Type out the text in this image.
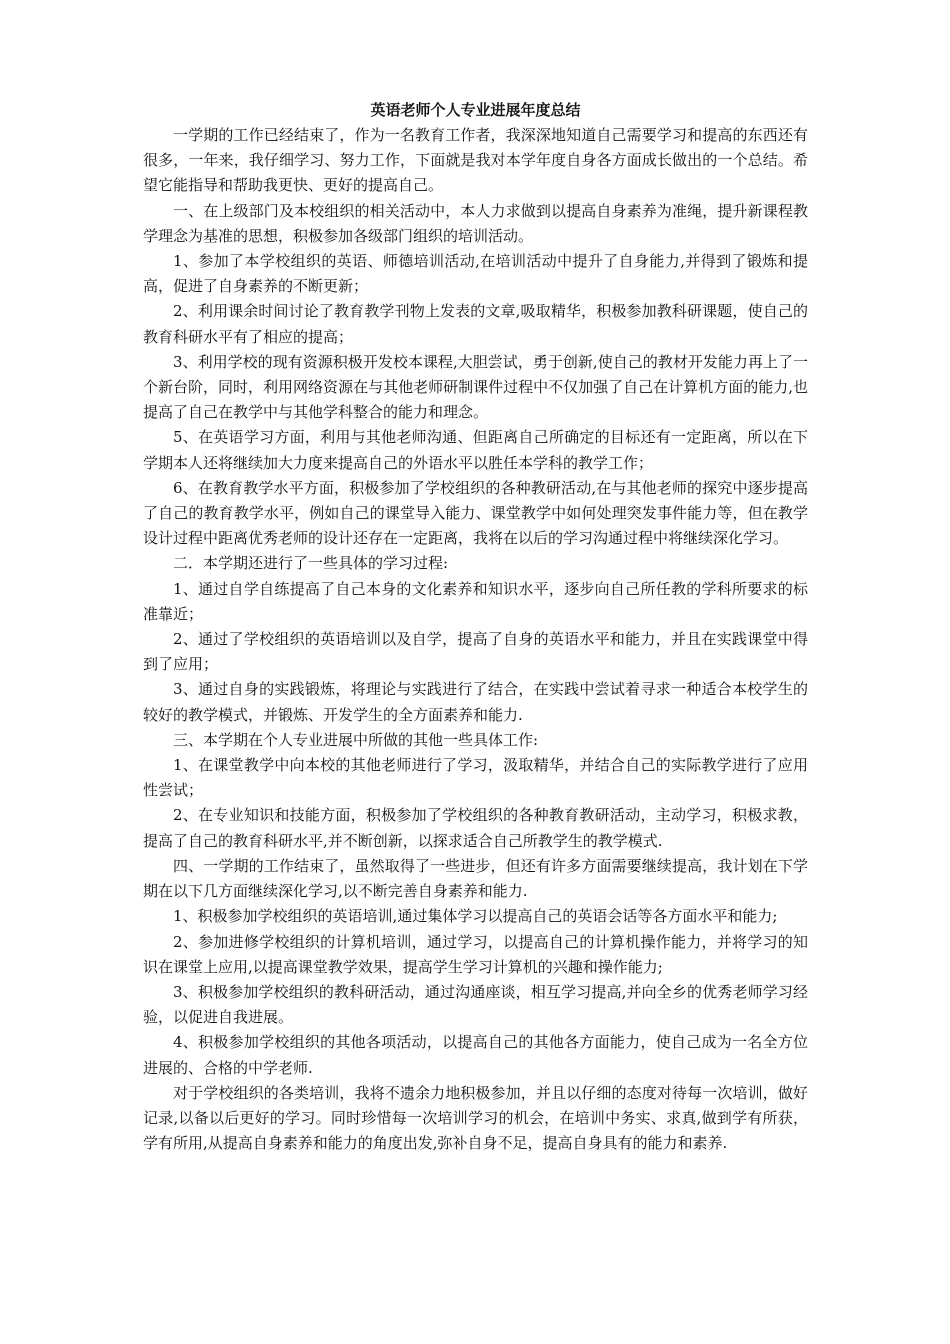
英语老师个人专业进展年度总结

一学期的工作已经结束了，作为一名教育工作者，我深深地知道自己需要学习和提高的东西还有很多，一年来，我仔细学习、努力工作，下面就是我对本学年度自身各方面成长做出的一个总结。希望它能指导和帮助我更快、更好的提高自己。

一、在上级部门及本校组织的相关活动中，本人力求做到以提高自身素养为准绳，提升新课程教学理念为基准的思想，积极参加各级部门组织的培训活动。

1、参加了本学校组织的英语、师德培训活动,在培训活动中提升了自身能力,并得到了锻炼和提高，促进了自身素养的不断更新；

2、利用课余时间讨论了教育教学刊物上发表的文章,吸取精华，积极参加教科研课题，使自己的教育科研水平有了相应的提高；

3、利用学校的现有资源积极开发校本课程,大胆尝试，勇于创新,使自己的教材开发能力再上了一个新台阶，同时，利用网络资源在与其他老师研制课件过程中不仅加强了自己在计算机方面的能力,也提高了自己在教学中与其他学科整合的能力和理念。

5、在英语学习方面，利用与其他老师沟通、但距离自己所确定的目标还有一定距离，所以在下学期本人还将继续加大力度来提高自己的外语水平以胜任本学科的教学工作；

6、在教育教学水平方面，积极参加了学校组织的各种教研活动,在与其他老师的探究中逐步提高了自己的教育教学水平，例如自己的课堂导入能力、课堂教学中如何处理突发事件能力等，但在教学设计过程中距离优秀老师的设计还存在一定距离，我将在以后的学习沟通过程中将继续深化学习。

二．本学期还进行了一些具体的学习过程:

1、通过自学自练提高了自己本身的文化素养和知识水平，逐步向自己所任教的学科所要求的标准靠近；

2、通过了学校组织的英语培训以及自学，提高了自身的英语水平和能力，并且在实践课堂中得到了应用；

3、通过自身的实践锻炼，将理论与实践进行了结合，在实践中尝试着寻求一种适合本校学生的较好的教学模式，并锻炼、开发学生的全方面素养和能力.

三、本学期在个人专业进展中所做的其他一些具体工作:

1、在课堂教学中向本校的其他老师进行了学习，汲取精华，并结合自己的实际教学进行了应用性尝试；

2、在专业知识和技能方面，积极参加了学校组织的各种教育教研活动，主动学习，积极求教，提高了自己的教育科研水平,并不断创新，以探求适合自己所教学生的教学模式.

四、一学期的工作结束了，虽然取得了一些进步，但还有许多方面需要继续提高，我计划在下学期在以下几方面继续深化学习,以不断完善自身素养和能力.

1、积极参加学校组织的英语培训,通过集体学习以提高自己的英语会话等各方面水平和能力;

2、参加进修学校组织的计算机培训，通过学习，以提高自己的计算机操作能力，并将学习的知识在课堂上应用,以提高课堂教学效果，提高学生学习计算机的兴趣和操作能力;

3、积极参加学校组织的教科研活动，通过沟通座谈，相互学习提高,并向全乡的优秀老师学习经验，以促进自我进展。

4、积极参加学校组织的其他各项活动，以提高自己的其他各方面能力，使自己成为一名全方位进展的、合格的中学老师.

对于学校组织的各类培训，我将不遗余力地积极参加，并且以仔细的态度对待每一次培训，做好记录,以备以后更好的学习。同时珍惜每一次培训学习的机会，在培训中务实、求真,做到学有所获，学有所用,从提高自身素养和能力的角度出发,弥补自身不足，提高自身具有的能力和素养.
